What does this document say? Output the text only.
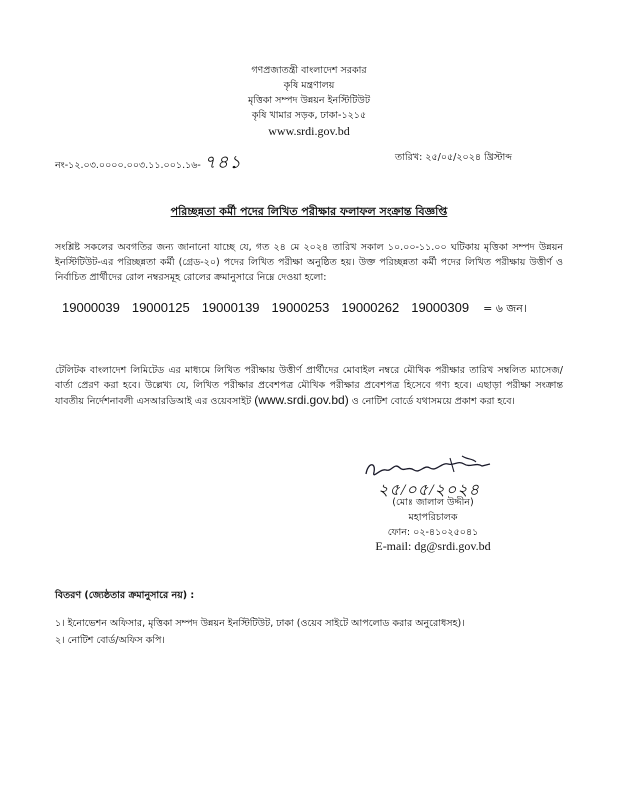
গণপ্রজাতন্ত্রী বাংলাদেশ সরকার
কৃষি মন্ত্রণালয়
মৃত্তিকা সম্পদ উন্নয়ন ইনস্টিটিউট
কৃষি খামার সড়ক, ঢাকা-১২১৫
www.srdi.gov.bd
নং-১২.০৩.০০০০.০০৩.১১.০০১.১৬- ৭৪১	তারিখ: ২৫/০৫/২০২৪ খ্রিস্টাব্দ
পরিচ্ছন্নতা কর্মী পদের লিখিত পরীক্ষার ফলাফল সংক্রান্ত বিজ্ঞপ্তি
সংশ্লিষ্ট সকলের অবগতির জন্য জানানো যাচ্ছে যে, গত ২৪ মে ২০২৪ তারিখ সকাল ১০.০০-১১.০০ ঘটিকায় মৃত্তিকা সম্পদ উন্নয়ন ইনস্টিটিউট-এর পরিচ্ছন্নতা কর্মী (গ্রেড-২০) পদের লিখিত পরীক্ষা অনুষ্ঠিত হয়। উক্ত পরিচ্ছন্নতা কর্মী পদের লিখিত পরীক্ষায় উত্তীর্ণ ও নির্বাচিত প্রার্থীদের রোল নম্বরসমূহ রোলের ক্রমানুসারে নিম্নে দেওয়া হলো:
19000039 19000125 19000139 19000253 19000262 19000309 = ৬ জন।
টেলিটক বাংলাদেশ লিমিটেড এর মাধ্যমে লিখিত পরীক্ষায় উত্তীর্ণ প্রার্থীদের মোবাইল নম্বরে মৌখিক পরীক্ষার তারিখ সম্বলিত ম্যাসেজ/বার্তা প্রেরণ করা হবে। উল্লেখ্য যে, লিখিত পরীক্ষার প্রবেশপত্র মৌখিক পরীক্ষার প্রবেশপত্র হিসেবে গণ্য হবে। এছাড়া পরীক্ষা সংক্রান্ত যাবতীয় নির্দেশনাবলী এসআরডিআই এর ওয়েবসাইট (www.srdi.gov.bd) ও নোটিশ বোর্ডে যথাসময়ে প্রকাশ করা হবে।
২৫/০৫/২০২৪
(মোঃ জালাল উদ্দীন)
মহাপরিচালক
ফোন: ০২-৪১০২৫০৪১
E-mail: dg@srdi.gov.bd
বিতরণ (জ্যেষ্ঠতার ক্রমানুসারে নয়) :
১। ইনোভেশন অফিসার, মৃত্তিকা সম্পদ উন্নয়ন ইনস্টিটিউট, ঢাকা (ওয়েব সাইটে আপলোড করার অনুরোধসহ)।
২। নোটিশ বোর্ড/অফিস কপি।
